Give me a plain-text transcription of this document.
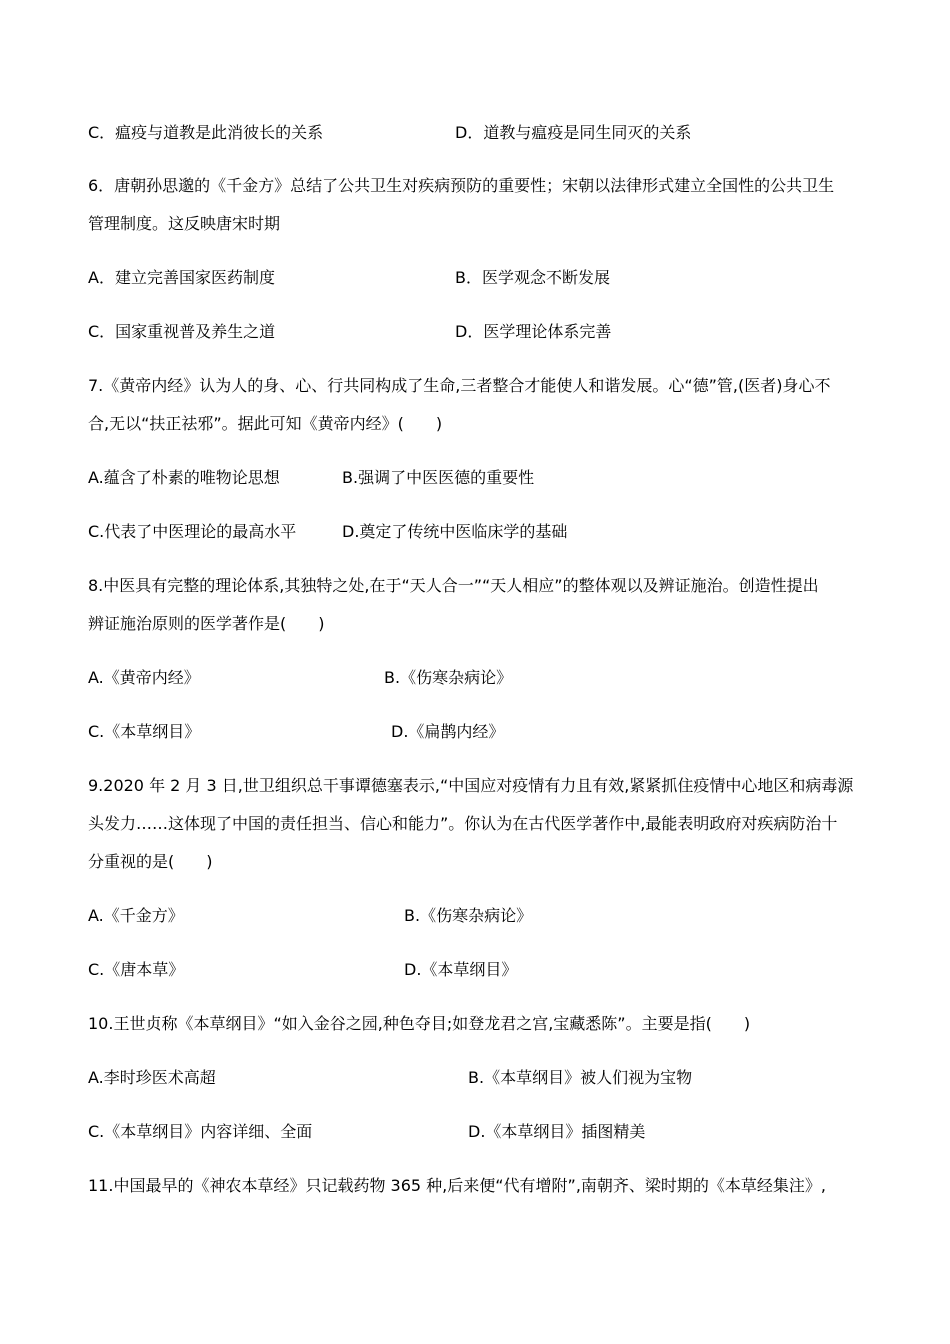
C．瘟疫与道教是此消彼长的关系	D．道教与瘟疫是同生同灭的关系
6．唐朝孙思邈的《千金方》总结了公共卫生对疾病预防的重要性；宋朝以法律形式建立全国性的公共卫生
管理制度。这反映唐宋时期
A．建立完善国家医药制度	B．医学观念不断发展
C．国家重视普及养生之道	D．医学理论体系完善
7.《黄帝内经》认为人的身、心、行共同构成了生命,三者整合才能使人和谐发展。心“德”管,(医者)身心不
合,无以“扶正祛邪”。据此可知《黄帝内经》(　　)
A.蕴含了朴素的唯物论思想	B.强调了中医医德的重要性
C.代表了中医理论的最高水平	D.奠定了传统中医临床学的基础
8.中医具有完整的理论体系,其独特之处,在于“天人合一”“天人相应”的整体观以及辨证施治。创造性提出
辨证施治原则的医学著作是(　　)
A.《黄帝内经》	B.《伤寒杂病论》
C.《本草纲目》	D.《扁鹊内经》
9.2020 年 2 月 3 日,世卫组织总干事谭德塞表示,“中国应对疫情有力且有效,紧紧抓住疫情中心地区和病毒源
头发力……这体现了中国的责任担当、信心和能力”。你认为在古代医学著作中,最能表明政府对疾病防治十
分重视的是(　　)
A.《千金方》	B.《伤寒杂病论》
C.《唐本草》	D.《本草纲目》
10.王世贞称《本草纲目》“如入金谷之园,种色夺目;如登龙君之宫,宝藏悉陈”。主要是指(　　)
A.李时珍医术高超	B.《本草纲目》被人们视为宝物
C.《本草纲目》内容详细、全面	D.《本草纲目》插图精美
11.中国最早的《神农本草经》只记载药物 365 种,后来便“代有增附”,南朝齐、梁时期的《本草经集注》,
